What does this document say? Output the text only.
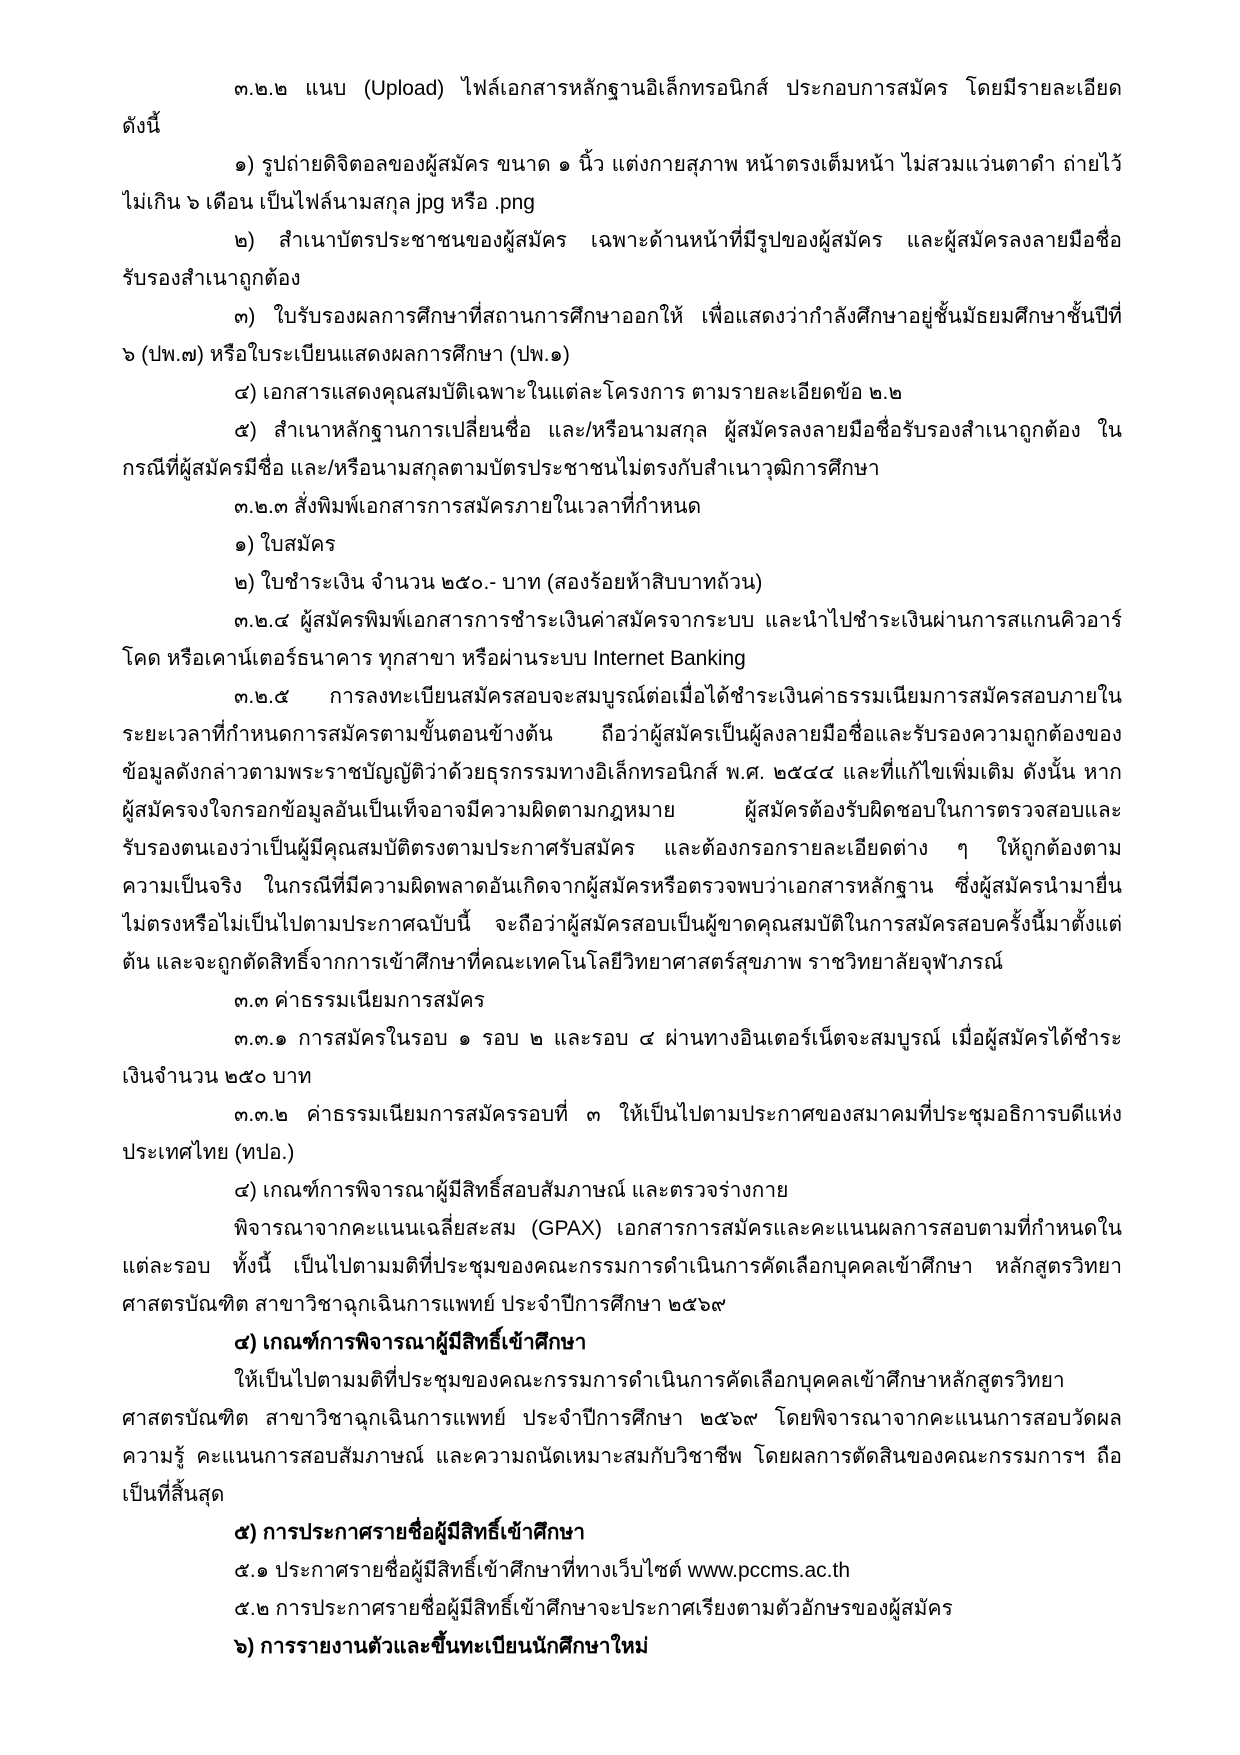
๓.๒.๒ แนบ (Upload) ไฟล์เอกสารหลักฐานอิเล็กทรอนิกส์ ประกอบการสมัคร โดยมีรายละเอียด
ดังนี้
๑) รูปถ่ายดิจิตอลของผู้สมัคร ขนาด ๑ นิ้ว แต่งกายสุภาพ หน้าตรงเต็มหน้า ไม่สวมแว่นตาดำ ถ่ายไว้
ไม่เกิน ๖ เดือน เป็นไฟล์นามสกุล jpg หรือ .png
๒) สำเนาบัตรประชาชนของผู้สมัคร เฉพาะด้านหน้าที่มีรูปของผู้สมัคร และผู้สมัครลงลายมือชื่อ
รับรองสำเนาถูกต้อง
๓) ใบรับรองผลการศึกษาที่สถานการศึกษาออกให้ เพื่อแสดงว่ากำลังศึกษาอยู่ชั้นมัธยมศึกษาชั้นปีที่
๖ (ปพ.๗) หรือใบระเบียนแสดงผลการศึกษา (ปพ.๑)
๔) เอกสารแสดงคุณสมบัติเฉพาะในแต่ละโครงการ ตามรายละเอียดข้อ ๒.๒
๕) สำเนาหลักฐานการเปลี่ยนชื่อ และ/หรือนามสกุล ผู้สมัครลงลายมือชื่อรับรองสำเนาถูกต้อง ใน
กรณีที่ผู้สมัครมีชื่อ และ/หรือนามสกุลตามบัตรประชาชนไม่ตรงกับสำเนาวุฒิการศึกษา
๓.๒.๓ สั่งพิมพ์เอกสารการสมัครภายในเวลาที่กำหนด
๑) ใบสมัคร
๒) ใบชำระเงิน จำนวน ๒๕๐.- บาท (สองร้อยห้าสิบบาทถ้วน)
๓.๒.๔ ผู้สมัครพิมพ์เอกสารการชำระเงินค่าสมัครจากระบบ และนำไปชำระเงินผ่านการสแกนคิวอาร์
โคด หรือเคาน์เตอร์ธนาคาร ทุกสาขา หรือผ่านระบบ Internet Banking
๓.๒.๕ การลงทะเบียนสมัครสอบจะสมบูรณ์ต่อเมื่อได้ชำระเงินค่าธรรมเนียมการสมัครสอบภายใน
ระยะเวลาที่กำหนดการสมัครตามขั้นตอนข้างต้น ถือว่าผู้สมัครเป็นผู้ลงลายมือชื่อและรับรองความถูกต้องของ
ข้อมูลดังกล่าวตามพระราชบัญญัติว่าด้วยธุรกรรมทางอิเล็กทรอนิกส์ พ.ศ. ๒๕๔๔ และที่แก้ไขเพิ่มเติม ดังนั้น หาก
ผู้สมัครจงใจกรอกข้อมูลอันเป็นเท็จอาจมีความผิดตามกฎหมาย ผู้สมัครต้องรับผิดชอบในการตรวจสอบและ
รับรองตนเองว่าเป็นผู้มีคุณสมบัติตรงตามประกาศรับสมัคร และต้องกรอกรายละเอียดต่าง ๆ ให้ถูกต้องตาม
ความเป็นจริง ในกรณีที่มีความผิดพลาดอันเกิดจากผู้สมัครหรือตรวจพบว่าเอกสารหลักฐาน ซึ่งผู้สมัครนำมายื่น
ไม่ตรงหรือไม่เป็นไปตามประกาศฉบับนี้ จะถือว่าผู้สมัครสอบเป็นผู้ขาดคุณสมบัติในการสมัครสอบครั้งนี้มาตั้งแต่
ต้น และจะถูกตัดสิทธิ์จากการเข้าศึกษาที่คณะเทคโนโลยีวิทยาศาสตร์สุขภาพ ราชวิทยาลัยจุฬาภรณ์
๓.๓ ค่าธรรมเนียมการสมัคร
๓.๓.๑ การสมัครในรอบ ๑ รอบ ๒ และรอบ ๔ ผ่านทางอินเตอร์เน็ตจะสมบูรณ์ เมื่อผู้สมัครได้ชำระ
เงินจำนวน ๒๕๐ บาท
๓.๓.๒ ค่าธรรมเนียมการสมัครรอบที่ ๓ ให้เป็นไปตามประกาศของสมาคมที่ประชุมอธิการบดีแห่ง
ประเทศไทย (ทปอ.)
๔) เกณฑ์การพิจารณาผู้มีสิทธิ์สอบสัมภาษณ์ และตรวจร่างกาย
พิจารณาจากคะแนนเฉลี่ยสะสม (GPAX) เอกสารการสมัครและคะแนนผลการสอบตามที่กำหนดใน
แต่ละรอบ ทั้งนี้ เป็นไปตามมติที่ประชุมของคณะกรรมการดำเนินการคัดเลือกบุคคลเข้าศึกษา หลักสูตรวิทยา
ศาสตรบัณฑิต สาขาวิชาฉุกเฉินการแพทย์ ประจำปีการศึกษา ๒๕๖๙
๔) เกณฑ์การพิจารณาผู้มีสิทธิ์เข้าศึกษา
ให้เป็นไปตามมติที่ประชุมของคณะกรรมการดำเนินการคัดเลือกบุคคลเข้าศึกษาหลักสูตรวิทยา
ศาสตรบัณฑิต สาขาวิชาฉุกเฉินการแพทย์ ประจำปีการศึกษา ๒๕๖๙ โดยพิจารณาจากคะแนนการสอบวัดผล
ความรู้ คะแนนการสอบสัมภาษณ์ และความถนัดเหมาะสมกับวิชาชีพ โดยผลการตัดสินของคณะกรรมการฯ ถือ
เป็นที่สิ้นสุด
๕) การประกาศรายชื่อผู้มีสิทธิ์เข้าศึกษา
๕.๑ ประกาศรายชื่อผู้มีสิทธิ์เข้าศึกษาที่ทางเว็บไซต์ www.pccms.ac.th
๕.๒ การประกาศรายชื่อผู้มีสิทธิ์เข้าศึกษาจะประกาศเรียงตามตัวอักษรของผู้สมัคร
๖) การรายงานตัวและขึ้นทะเบียนนักศึกษาใหม่
